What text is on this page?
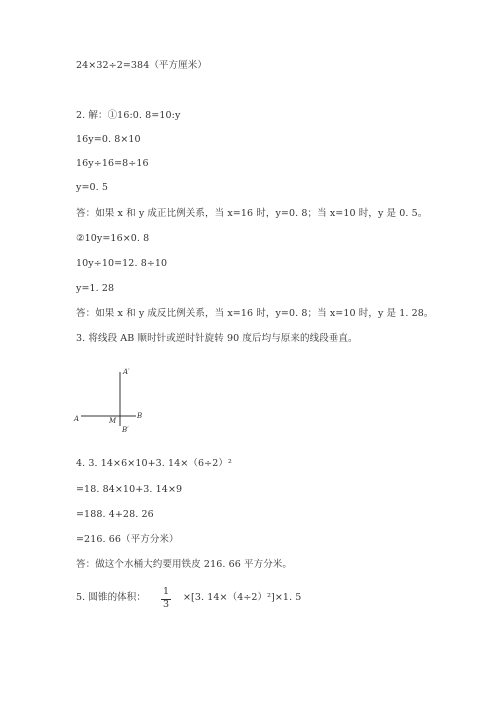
24×32÷2=384（平方厘米）
2. 解：①16:0. 8=10:y
16y=0. 8×10
16y÷16=8÷16
y=0. 5
答：如果 x 和 y 成正比例关系，当 x=16 时，y=0. 8；当 x=10 时，y 是 0. 5。
②10y=16×0. 8
10y÷10=12. 8÷10
y=1. 28
答：如果 x 和 y 成反比例关系，当 x=16 时，y=0. 8；当 x=10 时，y 是 1. 28。
3. 将线段 AB 顺时针或逆时针旋转 90 度后均与原来的线段垂直。
A′
A	M
B
B′
4. 3. 14×6×10+3. 14×（6÷2）²
=18. 84×10+3. 14×9
=188. 4+28. 26
=216. 66（平方分米）
答：做这个水桶大约要用铁皮 216. 66 平方分米。
5. 圆锥的体积：
1
3
×[3. 14×（4÷2）²]×1. 5
